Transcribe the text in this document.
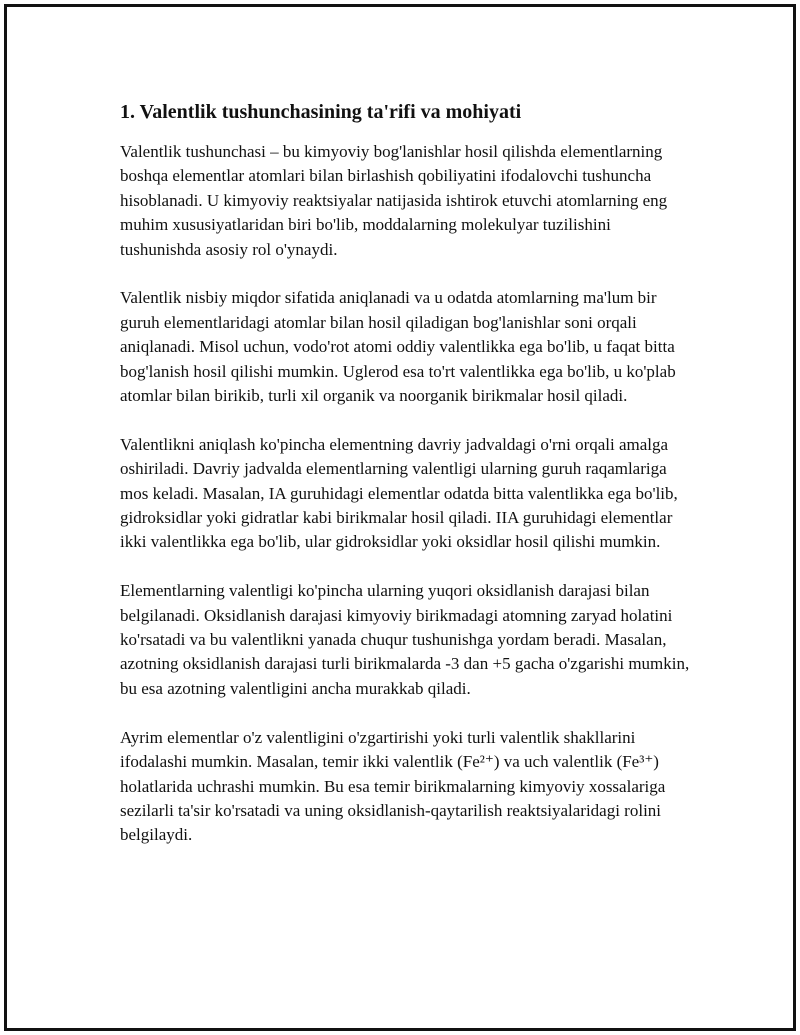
1. Valentlik tushunchasining ta'rifi va mohiyati

Valentlik tushunchasi – bu kimyoviy bog'lanishlar hosil qilishda elementlarning boshqa elementlar atomlari bilan birlashish qobiliyatini ifodalovchi tushuncha hisoblanadi. U kimyoviy reaktsiyalar natijasida ishtirok etuvchi atomlarning eng muhim xususiyatlaridan biri bo'lib, moddalarning molekulyar tuzilishini tushunishda asosiy rol o'ynaydi.

Valentlik nisbiy miqdor sifatida aniqlanadi va u odatda atomlarning ma'lum bir guruh elementlaridagi atomlar bilan hosil qiladigan bog'lanishlar soni orqali aniqlanadi. Misol uchun, vodo'rot atomi oddiy valentlikka ega bo'lib, u faqat bitta bog'lanish hosil qilishi mumkin. Uglerod esa to'rt valentlikka ega bo'lib, u ko'plab atomlar bilan birikib, turli xil organik va noorganik birikmalar hosil qiladi.

Valentlikni aniqlash ko'pincha elementning davriy jadvaldagi o'rni orqali amalga oshiriladi. Davriy jadvalda elementlarning valentligi ularning guruh raqamlariga mos keladi. Masalan, IA guruhidagi elementlar odatda bitta valentlikka ega bo'lib, gidroksidlar yoki gidratlar kabi birikmalar hosil qiladi. IIA guruhidagi elementlar ikki valentlikka ega bo'lib, ular gidroksidlar yoki oksidlar hosil qilishi mumkin.

Elementlarning valentligi ko'pincha ularning yuqori oksidlanish darajasi bilan belgilanadi. Oksidlanish darajasi kimyoviy birikmadagi atomning zaryad holatini ko'rsatadi va bu valentlikni yanada chuqur tushunishga yordam beradi. Masalan, azotning oksidlanish darajasi turli birikmalarda -3 dan +5 gacha o'zgarishi mumkin, bu esa azotning valentligini ancha murakkab qiladi.

Ayrim elementlar o'z valentligini o'zgartirishi yoki turli valentlik shakllarini ifodalashi mumkin. Masalan, temir ikki valentlik (Fe²⁺) va uch valentlik (Fe³⁺) holatlarida uchrashi mumkin. Bu esa temir birikmalarning kimyoviy xossalariga sezilarli ta'sir ko'rsatadi va uning oksidlanish-qaytarilish reaktsiyalaridagi rolini belgilaydi.
